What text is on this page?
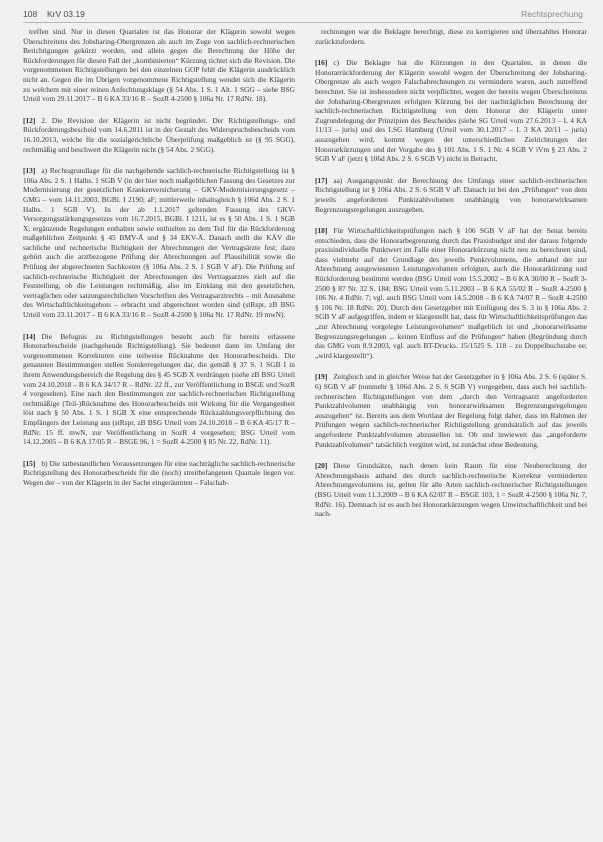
108 KrV 03.19	Rechtsprechung

treffen sind. Nur in diesen Quartalen ist das Honorar der Klägerin sowohl wegen Überschreitens des Jobsharing-Obergrenzen als auch im Zuge von sachlich-rechnerischen Berichtigungen gekürzt worden, und allein gegen die Berechnung der Höhe der Rückforderungen für diesen Fall der „kombinierten“ Kürzung richtet sich die Revision. Die vorgenommenen Richtigstellungen bei den einzelnen GOP fehlt die Klägerin ausdrücklich nicht an. Gegen die im Übrigen vorgenommene Richtigstellung wendet sich die Klägerin zu welchem mit einer reinen Anfechtungsklage (§ 54 Abs. 1 S. 1 Alt. 1 SGG – siehe BSG Urteil vom 29.11.2017 – B 6 KA 33/16 R – SozR 4-2500 § 106a Nr. 17 RdNr. 18).

[12] 2. Die Revision der Klägerin ist nicht begründet. Der Richtigstellungs- und Rückforderungsbescheid vom 14.6.2011 ist in der Gestalt des Widerspruchsbescheids vom 16.10.2013, welche für die sozialgerichtliche Überprüfung maßgeblich ist (§ 95 SGG), rechtmäßig und beschwert die Klägerin nicht (§ 54 Abs. 2 SGG).

[13] a) Rechtsgrundlage für die nachgehende sachlich-rechnerische Richtigstellung ist § 106a Abs. 2 S. 1 Halbs. 1 SGB V (in der hier noch maßgeblichen Fassung des Gesetzes zur Modernisierung der gesetzlichen Krankenversicherung – GKV-Modernisierungsgesetz – GMG – vom 14.11.2003, BGBl. I 2190; aF; mittlerweile inhaltsgleich § 106d Abs. 2 S. 1 Halbs. 1 SGB V). In der ab 1.1.2017 geltenden Fassung des GKV-Versorgungsstärkungsgesetzes vom 16.7.2015, BGBl. I 1211, ist es § 50 Abs. 1 S. 1 SGB X; ergänzende Regelungen enthalten sowie enthielten zu dem Teil für die Rückforderung maßgeblichen Zeitpunkt § 45 BMV-Ä und § 34 EKV-Ä. Danach stellt die KÄV die sachliche und rechnerische Richtigkeit der Abrechnungen der Vertragsärzte fest; dazu gehört auch die arztbezogene Prüfung der Abrechnungen auf Plausibilität sowie die Prüfung der abgerechneten Sachkosten (§ 106a Abs. 2 S. 1 SGB V aF). Die Prüfung auf sachlich-rechnerische Richtigkeit der Abrechnungen des Vertragsarztes zielt auf die Feststellung, ob die Leistungen rechtmäßig, also im Einklang mit den gesetzlichen, vertraglichen oder satzungsrechtlichen Vorschriften des Vertragsarztrechts – mit Ausnahme des Wirtschaftlichkeitsgebots – erbracht und abgerechnet worden sind (stRspr, zB BSG Urteil vom 23.11.2017 – B 6 KA 33/16 R – SozR 4-2500 § 106a Nr. 17 RdNr. 19 mwN).

[14] Die Befugnis zu Richtigstellungen besteht auch für bereits erlassene Honorarbescheide (nachgehende Richtigstellung). Sie bedeutet dann im Umfang der vorgenommenen Korrekturen eine teilweise Rücknahme des Honorarbescheids. Die genannten Bestimmungen stellen Sonderregelungen dar, die gemäß § 37 S. 1 SGB I in ihrem Anwendungsbereich die Regelung des § 45 SGB X verdrängen (siehe zB BSG Urteil vom 24.10.2018 – B 6 KA 34/17 R – RdNr. 22 ff., zur Veröffentlichung in BSGE und SozR 4 vorgesehen). Eine nach den Bestimmungen zur sachlich-rechnerischen Richtigstellung rechtmäßige (Teil-)Rücknahme des Honorarbescheids mit Wirkung für die Vergangenheit löst nach § 50 Abs. 1 S. 1 SGB X eine entsprechende Rückzahlungsverpflichtung des Empfängers der Leistung aus (stRspr, zB BSG Urteil vom 24.10.2018 – B 6 KA 45/17 R – RdNr. 15 ff. mwN, zur Veröffentlichung in SozR 4 vorgesehen; BSG Urteil vom 14.12.2005 – B 6 KA 17/05 R – BSGE 96, 1 = SozR 4-2500 § 85 Nr. 22, RdNr. 11).

[15] b) Die tatbestandlichen Voraussetzungen für eine nachträgliche sachlich-rechnerische Richtigstellung des Honorarbescheids für die (noch) streitbefangenen Quartale liegen vor. Wegen der – von der Klägerin in der Sache eingeräumten – Falschab-

rechnungen war die Beklagte berechtigt, diese zu korrigieren und überzahltes Honorar zurückzufordern.

[16] c) Die Beklagte hat die Kürzungen in den Quartalen, in denen die Honorarrückforderung der Klägerin sowohl wegen der Überschreitung der Jobsharing-Obergrenze als auch wegen Falschabrechnungen zu vermindern waren, auch zutreffend berechnet. Sie ist insbesondere nicht verpflichtet, wegen der bereits wegen Überschreitens der Jobsharing-Obergrenzen erfolgten Kürzung bei der nachträglichen Berechnung der sachlich-rechnerischen Richtigstellung von dem Honorar der Klägerin unter Zugrundelegung der Prinzipien des Bescheides (siehe SG Urteil vom 27.6.2013 – L 4 KA 11/13 – juris) und des LSG Hamburg (Urteil vom 30.1.2017 – L 3 KA 20/11 – juris) auszugehen wird, kommt wegen der unterschiedlichen Zielrichtungen der Honorarkürzungen und der Vorgabe des § 101 Abs. 1 S. 1 Nr. 4 SGB V iVm § 23 Abs. 2 SGB V aF (jetzt § 106d Abs. 2 S. 6 SGB V) nicht in Betracht.

[17] aa) Ausgangspunkt der Berechnung des Umfangs einer sachlich-rechnerischen Richtigstellung ist § 106a Abs. 2 S. 6 SGB V aF. Danach ist bei den „Prüfungen“ von dem jeweils angeforderten Punktzahlvolumen unabhängig von honorarwirksamen Begrenzungsregelungen auszugehen.

[18] Für Wirtschaftlichkeitsprüfungen nach § 106 SGB V aF hat der Senat bereits entschieden, dass die Honorarbegrenzung durch das Praxisbudget und der daraus folgende praxisindividuelle Punktwert im Falle einer Honorarkürzung nicht neu zu berechnen sind, dass vielmehr auf der Grundlage des jeweils Punktvolumens, die anhand der zur Abrechnung ausgewiesenen Leistungsvolumen erfolgten, auch die Honorarkürzung und Rückforderung bestimmt werden (BSG Urteil vom 15.5.2002 – B 6 KA 30/00 R – SozR 3-2500 § 87 Nr. 32 S. 184; BSG Urteil vom 5.11.2003 – B 6 KA 55/02 R – SozR 4-2500 § 106 Nr. 4 RdNr. 7; vgl. auch BSG Urteil vom 14.5.2008 – B 6 KA 74/07 R – SozR 4-2500 § 106 Nr. 18 RdNr. 20). Durch den Gesetzgeber mit Einfügung des S. 3 in § 106a Abs. 2 SGB V aF aufgegriffen, indem er klargestellt hat, dass für Wirtschaftlichkeitsprüfungen das „zur Abrechnung vorgelegte Leistungsvolumen“ maßgeblich ist und „honorarwirksame Begrenzungsregelungen ... keinen Einfluss auf die Prüfungen“ haben (Begründung durch das GMG vom 8.9.2003, vgl. auch BT-Drucks. 15/1525 S. 118 – zu Doppelbuchstabe ee; „wird klargestellt“).

[19] Zeitgleich und in gleicher Weise hat der Gesetzgeber in § 106a Abs. 2 S. 6 (später S. 6) SGB V aF (nunmehr § 106d Abs. 2 S. 6 SGB V) vorgegeben, dass auch bei sachlich-rechnerischen Richtigstellungen von dem „durch den Vertragsarzt angeforderten Punktzahlvolumen unabhängig von honorarwirksamen Begrenzungsregelungen auszugehen“ ist. Bereits aus dem Wortlaut der Regelung folgt daher, dass im Rahmen der Prüfungen wegen sachlich-rechnerischer Richtigstellung grundsätzlich auf das jeweils angeforderte Punktzahlvolumen abzustellen ist. Ob und inwieweit das „angeforderte Punktzahlvolumen“ tatsächlich vergütet wird, ist zunächst ohne Bedeutung.

[20] Diese Grundsätze, nach denen kein Raum für eine Neuberechnung der Abrechnungsbasis anhand des durch sachlich-rechnerische Korrektur verminderten Abrechnungsvolumens ist, gelten für alle Arten sachlich-rechnerischer Richtigstellungen (BSG Urteil vom 11.3.2009 – B 6 KA 62/07 R – BSGE 103, 1 = SozR 4-2500 § 106a Nr. 7, RdNr. 16). Demnach ist es auch bei Honorarkürzungen wegen Unwirtschaftlichkeit und bei nach-
